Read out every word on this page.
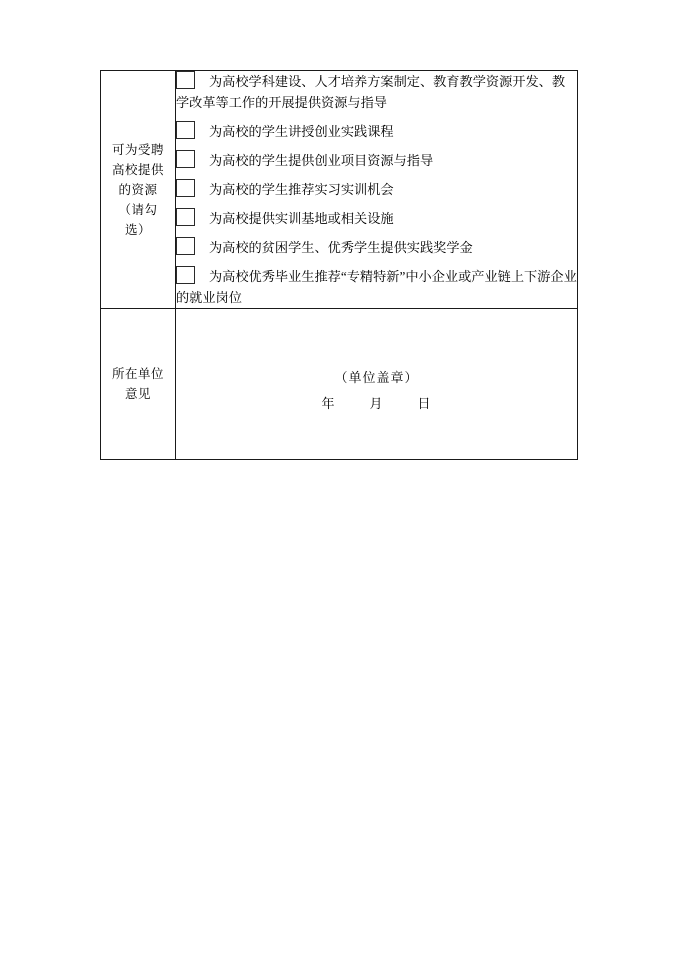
可为受聘
高校提供
的资源
（请勾
选）

为高校学科建设、人才培养方案制定、教育教学资源开发、教学改革等工作的开展提供资源与指导
为高校的学生讲授创业实践课程
为高校的学生提供创业项目资源与指导
为高校的学生推荐实习实训机会
为高校提供实训基地或相关设施
为高校的贫困学生、优秀学生提供实践奖学金
为高校优秀毕业生推荐“专精特新”中小企业或产业链上下游企业的就业岗位

所在单位
意见	（单位盖章）
年 月 日
